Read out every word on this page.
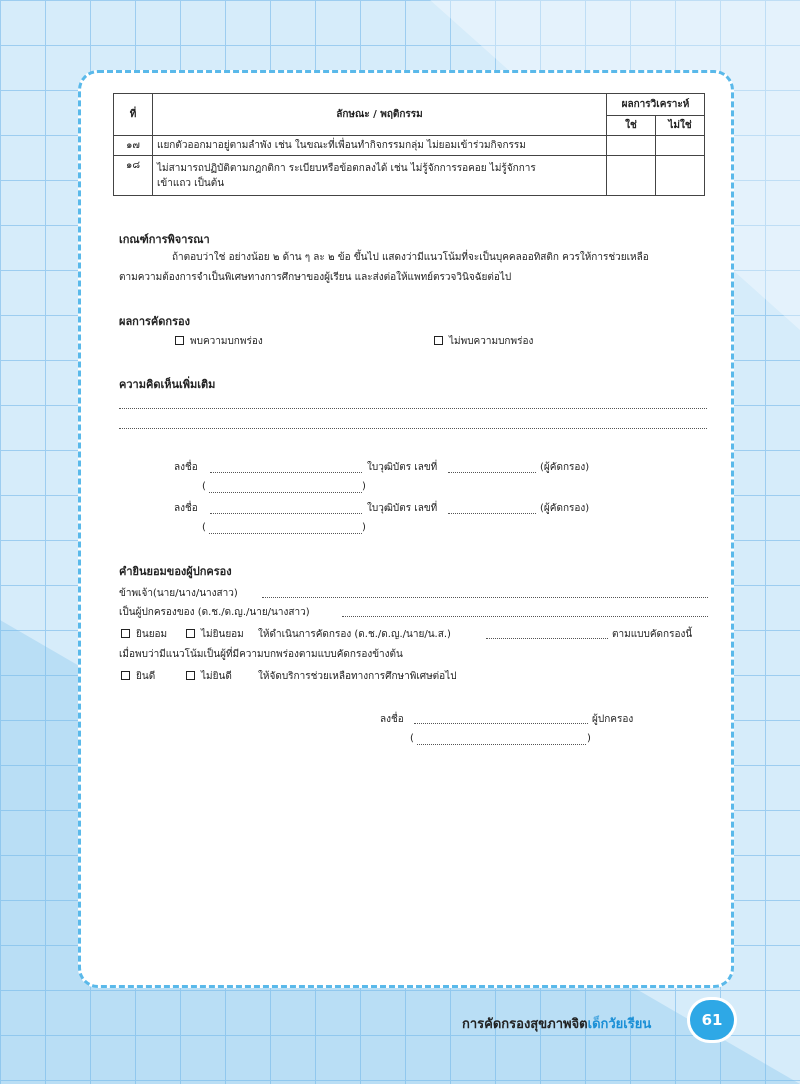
ที่	ลักษณะ / พฤติกรรม	ผลการวิเคราะห์	
		ใช่	ไม่ใช่
๑๗	แยกตัวออกมาอยู่ตามลำพัง เช่น ในขณะที่เพื่อนทำกิจกรรมกลุ่ม ไม่ยอมเข้าร่วมกิจกรรม		
๑๘	ไม่สามารถปฏิบัติตามกฎกติกา ระเบียบหรือข้อตกลงได้ เช่น ไม่รู้จักการรอคอย ไม่รู้จักการ
เข้าแถว เป็นต้น		

เกณฑ์การพิจารณา
ถ้าตอบว่าใช่ อย่างน้อย ๒ ด้าน ๆ ละ ๒ ข้อ ขึ้นไป แสดงว่ามีแนวโน้มที่จะเป็นบุคคลออทิสติก ควรให้การช่วยเหลือ
ตามความต้องการจำเป็นพิเศษทางการศึกษาของผู้เรียน และส่งต่อให้แพทย์ตรวจวินิจฉัยต่อไป
ผลการคัดกรอง
พบความบกพร่อง	ไม่พบความบกพร่อง
ความคิดเห็นเพิ่มเติม
ลงชื่อ	ใบวุฒิบัตร เลขที่	(ผู้คัดกรอง)
(	)
ลงชื่อ	ใบวุฒิบัตร เลขที่	(ผู้คัดกรอง)
(	)
คำยินยอมของผู้ปกครอง
ข้าพเจ้า(นาย/นาง/นางสาว)
เป็นผู้ปกครองของ (ด.ช./ด.ญ./นาย/นางสาว)
ยินยอม	ไม่ยินยอม ให้ดำเนินการคัดกรอง (ด.ช./ด.ญ./นาย/น.ส.)	ตามแบบคัดกรองนี้
เมื่อพบว่ามีแนวโน้มเป็นผู้ที่มีความบกพร่องตามแบบคัดกรองข้างต้น
ยินดี	ไม่ยินดี	ให้จัดบริการช่วยเหลือทางการศึกษาพิเศษต่อไป
ลงชื่อ	ผู้ปกครอง
(	)
การคัดกรองสุขภาพจิตเด็กวัยเรียน	61
